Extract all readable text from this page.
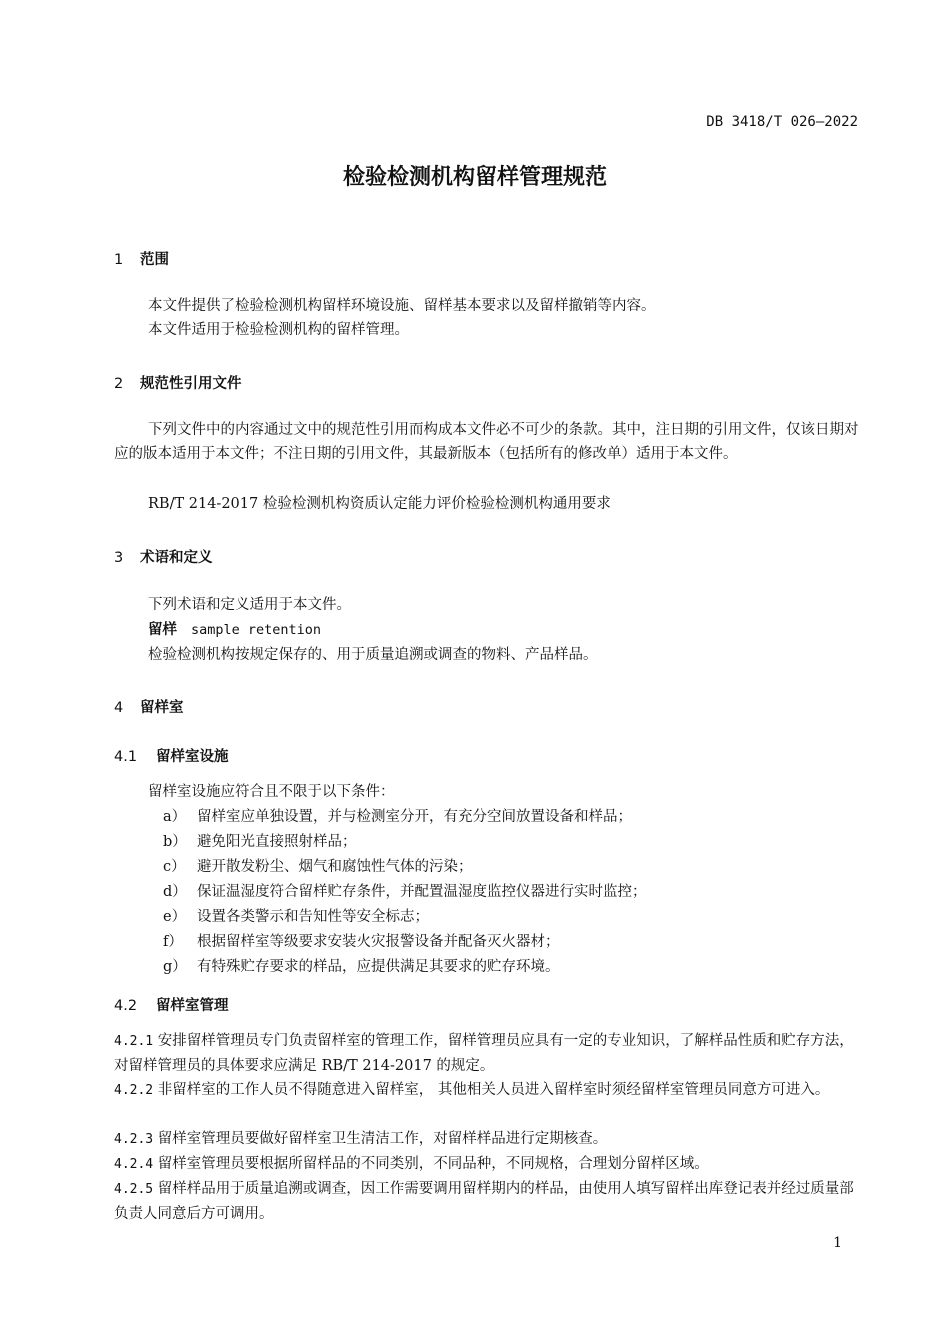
DB 3418/T 026—2022
检验检测机构留样管理规范
1 范围
本文件提供了检验检测机构留样环境设施、留样基本要求以及留样撤销等内容。
本文件适用于检验检测机构的留样管理。
2 规范性引用文件
下列文件中的内容通过文中的规范性引用而构成本文件必不可少的条款。其中，注日期的引用文件，仅该日期对应的版本适用于本文件；不注日期的引用文件，其最新版本（包括所有的修改单）适用于本文件。
RB/T 214-2017 检验检测机构资质认定能力评价检验检测机构通用要求
3 术语和定义
下列术语和定义适用于本文件。
留样 sample retention
检验检测机构按规定保存的、用于质量追溯或调查的物料、产品样品。
4 留样室
4.1 留样室设施
留样室设施应符合且不限于以下条件：
a） 留样室应单独设置，并与检测室分开，有充分空间放置设备和样品；
b） 避免阳光直接照射样品；
c） 避开散发粉尘、烟气和腐蚀性气体的污染；
d） 保证温湿度符合留样贮存条件，并配置温湿度监控仪器进行实时监控；
e） 设置各类警示和告知性等安全标志；
f） 根据留样室等级要求安装火灾报警设备并配备灭火器材；
g） 有特殊贮存要求的样品，应提供满足其要求的贮存环境。
4.2 留样室管理
4.2.1 安排留样管理员专门负责留样室的管理工作，留样管理员应具有一定的专业知识，了解样品性质和贮存方法，对留样管理员的具体要求应满足 RB/T 214-2017 的规定。
4.2.2 非留样室的工作人员不得随意进入留样室， 其他相关人员进入留样室时须经留样室管理员同意方可进入。
4.2.3 留样室管理员要做好留样室卫生清洁工作，对留样样品进行定期核查。
4.2.4 留样室管理员要根据所留样品的不同类别，不同品种，不同规格，合理划分留样区域。
4.2.5 留样样品用于质量追溯或调查，因工作需要调用留样期内的样品，由使用人填写留样出库登记表并经过质量部负责人同意后方可调用。
1
